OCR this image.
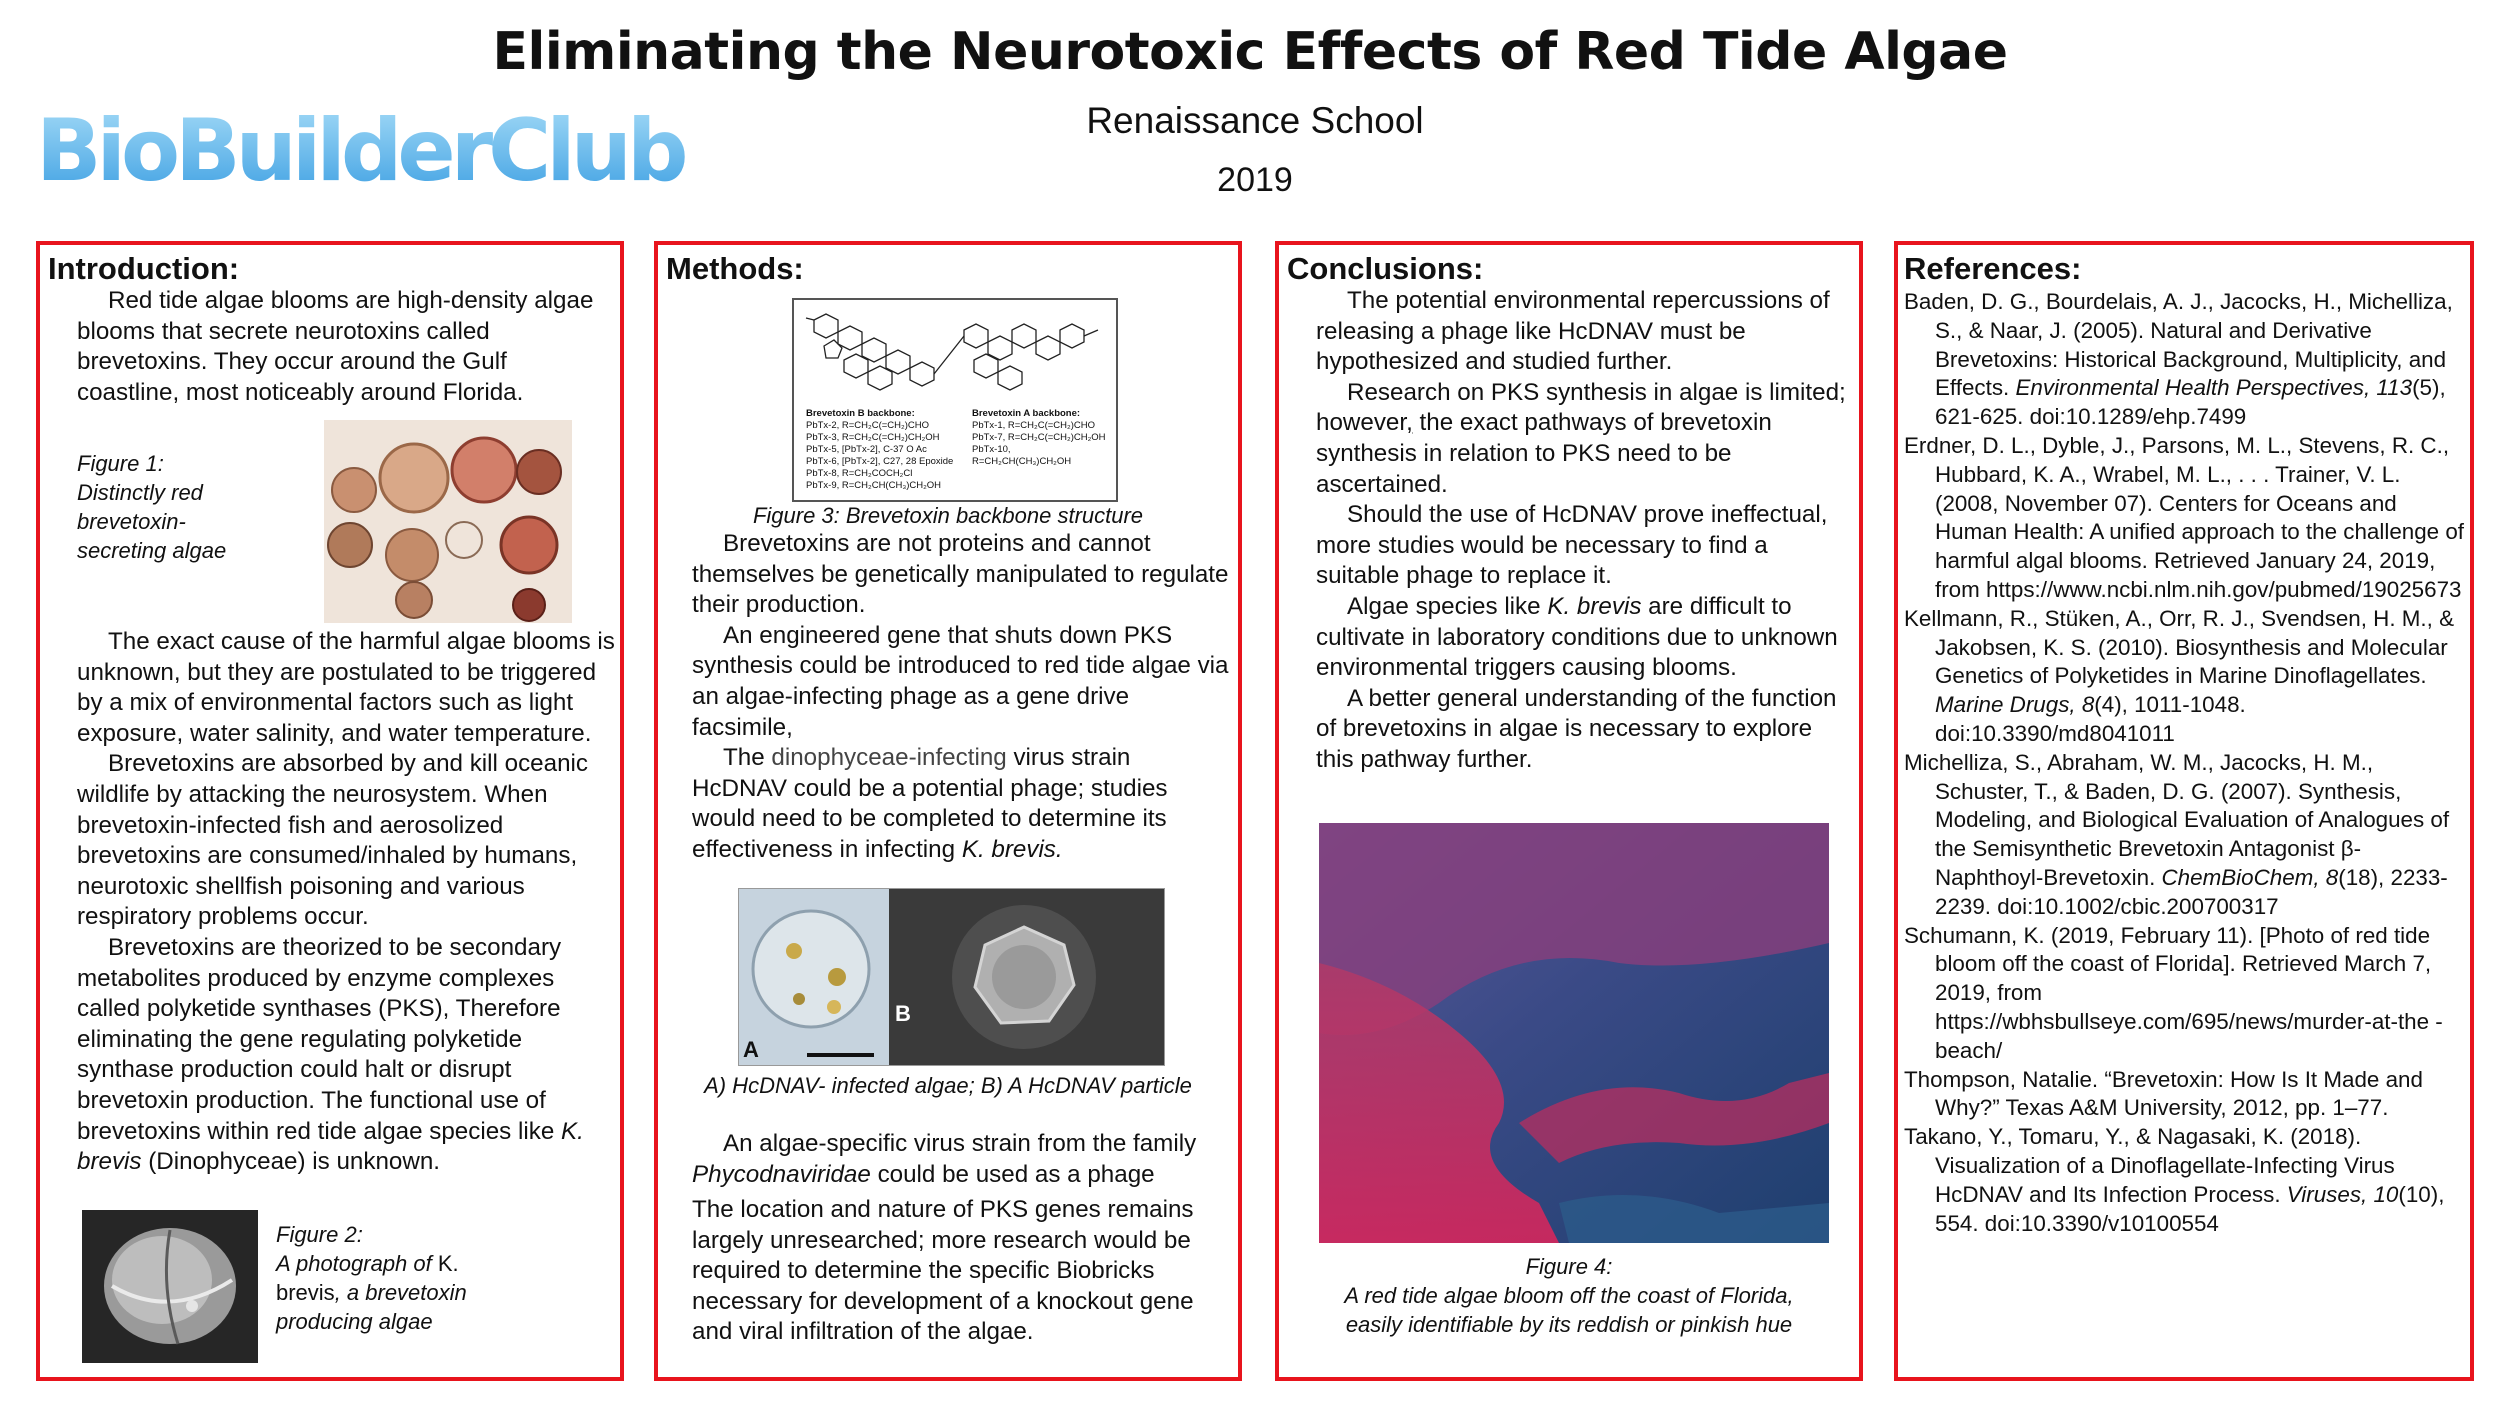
Eliminating the Neurotoxic Effects of Red Tide Algae
BioBuilderClub	Renaissance School
2019
Introduction:

Red tide algae blooms are high-density algae blooms that secrete neurotoxins called brevetoxins. They occur around the Gulf coastline, most noticeably around Florida.

Figure 1: Distinctly red brevetoxin-secreting algae

The exact cause of the harmful algae blooms is unknown, but they are postulated to be triggered by a mix of environmental factors such as light exposure, water salinity, and water temperature.

Brevetoxins are absorbed by and kill oceanic wildlife by attacking the neurosystem. When brevetoxin-infected fish and aerosolized brevetoxins are consumed/inhaled by humans, neurotoxic shellfish poisoning and various respiratory problems occur.

Brevetoxins are theorized to be secondary metabolites produced by enzyme complexes called polyketide synthases (PKS), Therefore eliminating the gene regulating polyketide synthase production could halt or disrupt brevetoxin production. The functional use of brevetoxins within red tide algae species like K. brevis (Dinophyceae) is unknown.

Figure 2:
A photograph of K.
brevis, a brevetoxin
producing algae
Methods:
Brevetoxin B backbone:
PbTx-2, R=CH₂C(=CH₂)CHO
PbTx-3, R=CH₂C(=CH₂)CH₂OH
PbTx-5, [PbTx-2], C-37 O Ac
PbTx-6, [PbTx-2], C27, 28 Epoxide
PbTx-8, R=CH₂COCH₂Cl
PbTx-9, R=CH₂CH(CH₃)CH₂OH
Brevetoxin A backbone:
PbTx-1, R=CH₂C(=CH₂)CHO
PbTx-7, R=CH₂C(=CH₂)CH₂OH
PbTx-10, R=CH₂CH(CH₃)CH₂OH
Figure 3: Brevetoxin backbone structure

Brevetoxins are not proteins and cannot themselves be genetically manipulated to regulate their production.

An engineered gene that shuts down PKS synthesis could be introduced to red tide algae via an algae-infecting phage as a gene drive facsimile,

The dinophyceae-infecting virus strain HcDNAV could be a potential phage; studies would need to be completed to determine its effectiveness in infecting K. brevis.

A
B
A) HcDNAV- infected algae; B) A HcDNAV particle

An algae-specific virus strain from the family Phycodnaviridae could be used as a phage

The location and nature of PKS genes remains largely unresearched; more research would be required to determine the specific Biobricks necessary for development of a knockout gene and viral infiltration of the algae.
Conclusions:

The potential environmental repercussions of releasing a phage like HcDNAV must be hypothesized and studied further.

Research on PKS synthesis in algae is limited; however, the exact pathways of brevetoxin synthesis in relation to PKS need to be ascertained.

Should the use of HcDNAV prove ineffectual, more studies would be necessary to find a suitable phage to replace it.

Algae species like K. brevis are difficult to cultivate in laboratory conditions due to unknown environmental triggers causing blooms.

A better general understanding of the function of brevetoxins in algae is necessary to explore this pathway further.

Figure 4:
A red tide algae bloom off the coast of Florida,
easily identifiable by its reddish or pinkish hue
References:

Baden, D. G., Bourdelais, A. J., Jacocks, H., Michelliza, S., & Naar, J. (2005). Natural and Derivative Brevetoxins: Historical Background, Multiplicity, and Effects. Environmental Health Perspectives, 113(5), 621-625. doi:10.1289/ehp.7499

Erdner, D. L., Dyble, J., Parsons, M. L., Stevens, R. C., Hubbard, K. A., Wrabel, M. L., . . . Trainer, V. L. (2008, November 07). Centers for Oceans and Human Health: A unified approach to the challenge of harmful algal blooms. Retrieved January 24, 2019, from https://www.ncbi.nlm.nih.gov/pubmed/19025673

Kellmann, R., Stüken, A., Orr, R. J., Svendsen, H. M., & Jakobsen, K. S. (2010). Biosynthesis and Molecular Genetics of Polyketides in Marine Dinoflagellates. Marine Drugs, 8(4), 1011-1048. doi:10.3390/md8041011

Michelliza, S., Abraham, W. M., Jacocks, H. M., Schuster, T., & Baden, D. G. (2007). Synthesis, Modeling, and Biological Evaluation of Analogues of the Semisynthetic Brevetoxin Antagonist β-Naphthoyl-Brevetoxin. ChemBioChem, 8(18), 2233-2239. doi:10.1002/cbic.200700317

Schumann, K. (2019, February 11). [Photo of red tide bloom off the coast of Florida]. Retrieved March 7, 2019, from https://wbhsbullseye.com/695/news/murder-at-the -beach/

Thompson, Natalie. “Brevetoxin: How Is It Made and Why?” Texas A&M University, 2012, pp. 1–77.

Takano, Y., Tomaru, Y., & Nagasaki, K. (2018). Visualization of a Dinoflagellate-Infecting Virus HcDNAV and Its Infection Process. Viruses, 10(10), 554. doi:10.3390/v10100554
